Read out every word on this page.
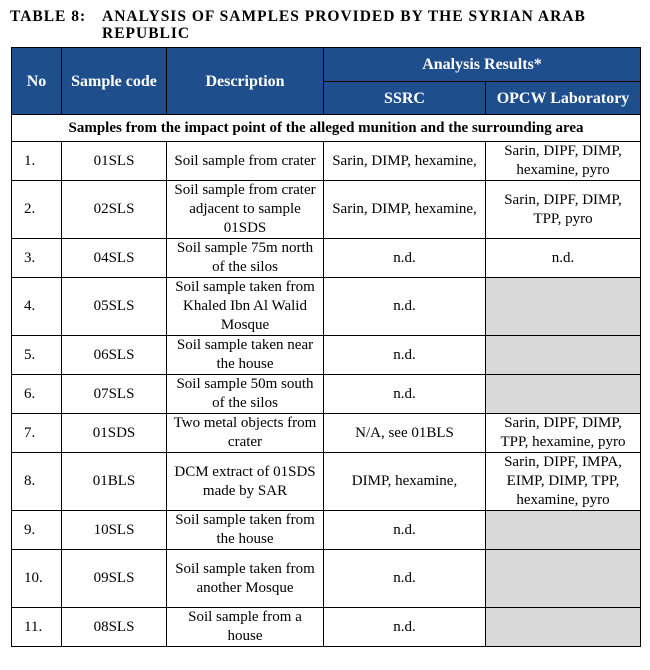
TABLE 8: ANALYSIS OF SAMPLES PROVIDED BY THE SYRIAN ARAB
REPUBLIC
No	Sample code	Description	Analysis Results*	
			SSRC	OPCW Laboratory
Samples from the impact point of the alleged munition and the surrounding area				
1.	01SLS	Soil sample from crater	Sarin, DIMP, hexamine,	Sarin, DIPF, DIMP, hexamine, pyro
2.	02SLS	Soil sample from crater adjacent to sample 01SDS	Sarin, DIMP, hexamine,	Sarin, DIPF, DIMP, TPP, pyro
3.	04SLS	Soil sample 75m north of the silos	n.d.	n.d.
4.	05SLS	Soil sample taken from Khaled Ibn Al Walid Mosque	n.d.	
5.	06SLS	Soil sample taken near the house	n.d.	
6.	07SLS	Soil sample 50m south of the silos	n.d.	
7.	01SDS	Two metal objects from crater	N/A, see 01BLS	Sarin, DIPF, DIMP, TPP, hexamine, pyro
8.	01BLS	DCM extract of 01SDS made by SAR	DIMP, hexamine,	Sarin, DIPF, IMPA, EIMP, DIMP, TPP, hexamine, pyro
9.	10SLS	Soil sample taken from the house	n.d.	
10.	09SLS	Soil sample taken from another Mosque	n.d.	
11.	08SLS	Soil sample from a house	n.d.	
